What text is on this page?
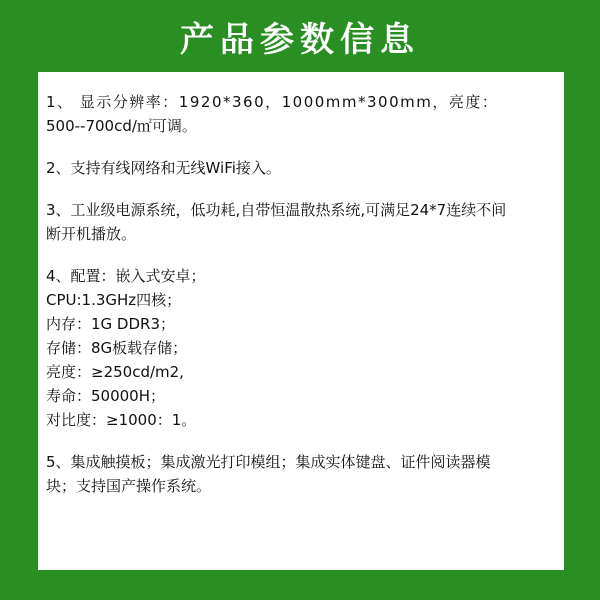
产品参数信息
1、 显示分辨率：1920*360，1000mm*300mm，亮度：
500--700cd/㎡可调。
2、支持有线网络和无线WiFi接入。
3、工业级电源系统，低功耗,自带恒温散热系统,可满足24*7连续不间
断开机播放。
4、配置：嵌入式安卓；
CPU:1.3GHz四核；
内存：1G DDR3；
存储：8G板载存储；
亮度：≥250cd/m2,
寿命：50000H；
对比度：≥1000：1。
5、集成触摸板；集成激光打印模组；集成实体键盘、证件阅读器模
块；支持国产操作系统。
